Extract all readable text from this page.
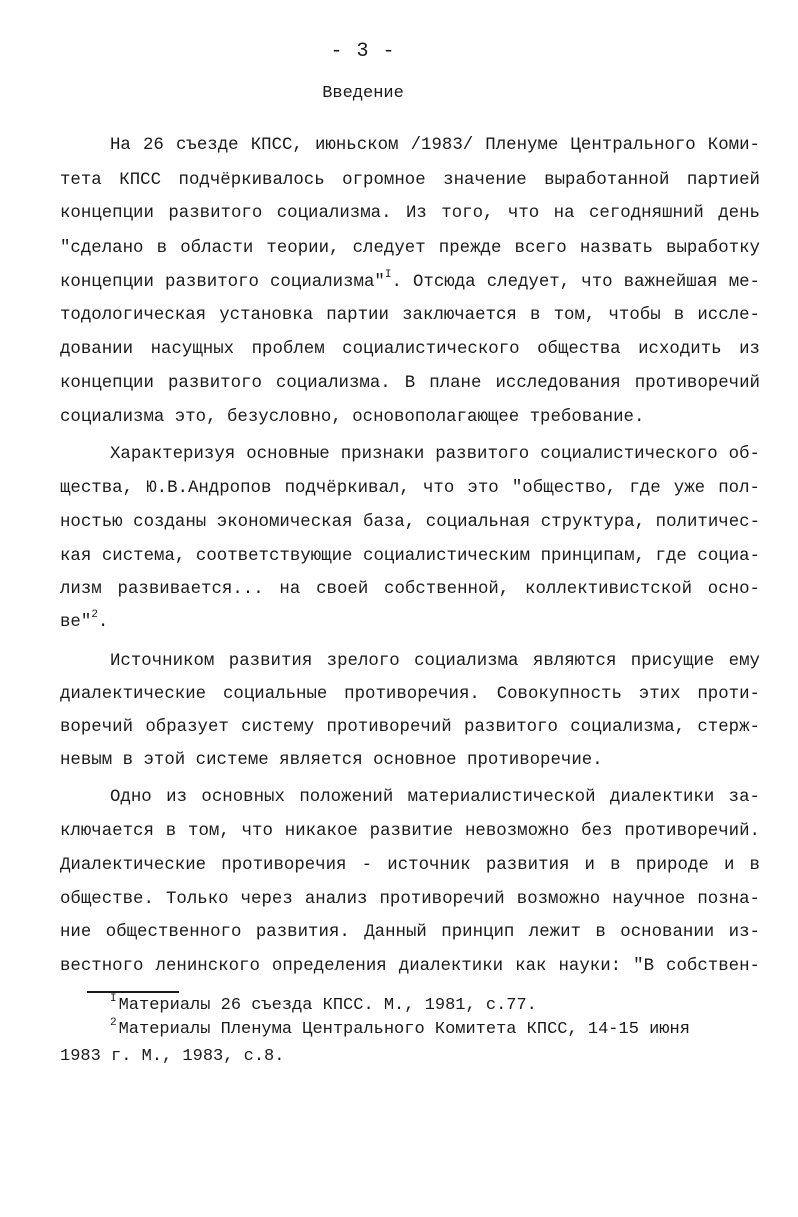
- 3 -
Введение
На 26 съезде КПСС, июньском /1983/ Пленуме Центрального Коми-
тета КПСС подчёркивалось огромное значение выработанной партией
концепции развитого социализма. Из того, что на сегодняшний день
"сделано в области теории, следует прежде всего назвать выработку
концепции развитого социализма"$^I$. Отсюда следует, что важнейшая ме-
тодологическая установка партии заключается в том, чтобы в иссле-
довании насущных проблем социалистического общества исходить из
концепции развитого социализма. В плане исследования противоречий
социализма это, безусловно, основополагающее требование.
Характеризуя основные признаки развитого социалистического об-
щества, Ю.В.Андропов подчёркивал, что это "общество, где уже пол-
ностью созданы экономическая база, социальная структура, политичес-
кая система, соответствующие социалистическим принципам, где социа-
лизм развивается... на своей собственной, коллективистской осно-
ве"$^2$.
Источником развития зрелого социализма являются присущие ему
диалектические социальные противоречия. Совокупность этих проти-
воречий образует систему противоречий развитого социализма, стерж-
невым в этой системе является основное противоречие.
Одно из основных положений материалистической диалектики за-
ключается в том, что никакое развитие невозможно без противоречий.
Диалектические противоречия - источник развития и в природе и в
обществе. Только через анализ противоречий возможно научное позна-
ние общественного развития. Данный принцип лежит в основании из-
вестного ленинского определения диалектики как науки: "В собствен-
$^I$ Материалы 26 съезда КПСС. М., 1981, с.77.
$^2$ Материалы Пленума Центрального Комитета КПСС, 14-15 июня
1983 г. М., 1983, с.8.
